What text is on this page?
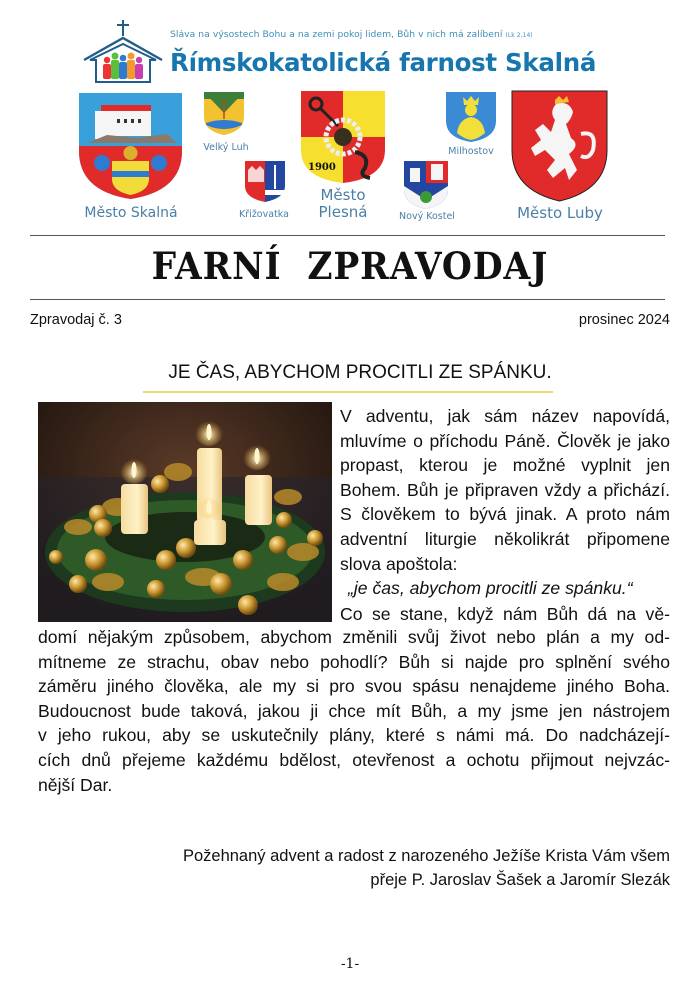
Sláva na výsostech Bohu a na zemi pokoj lidem, Bůh v nich má zalíbení (Lk 2,14)
Římskokatolická farnost Skalná
Město Skalná
Velký Luh
Křižovatka
1900
Město
Plesná
Milhostov
Nový Kostel	Město Luby
FARNÍ  ZPRAVODAJ
Zpravodaj č. 3	prosinec 2024
JE ČAS, ABYCHOM PROCITLI ZE SPÁNKU.
V adventu, jak sám název napovídá, mluvíme o příchodu Páně. Člověk je jako propast, kterou je možné vyplnit jen Bohem. Bůh je připraven vždy a přichází. S člověkem to bývá jinak. A proto nám adventní liturgie několikrát připomene slova apoštola:
„je čas, abychom procitli ze spánku.“
Co se stane, když nám Bůh dá na vě-
domí nějakým způsobem, abychom změnili svůj život nebo plán a my od-
mítneme ze strachu, obav nebo pohodlí? Bůh si najde pro splnění svého
záměru jiného člověka, ale my si pro svou spásu nenajdeme jiného Boha.
Budoucnost bude taková, jakou ji chce mít Bůh, a my jsme jen nástrojem
v jeho rukou, aby se uskutečnily plány, které s námi má. Do nadcházejí-
cích dnů přejeme každému bdělost, otevřenost a ochotu přijmout nejvzác-
nější Dar.
Požehnaný advent a radost z narozeného Ježíše Krista Vám všem
přeje P. Jaroslav Šašek a Jaromír Slezák
-1-
